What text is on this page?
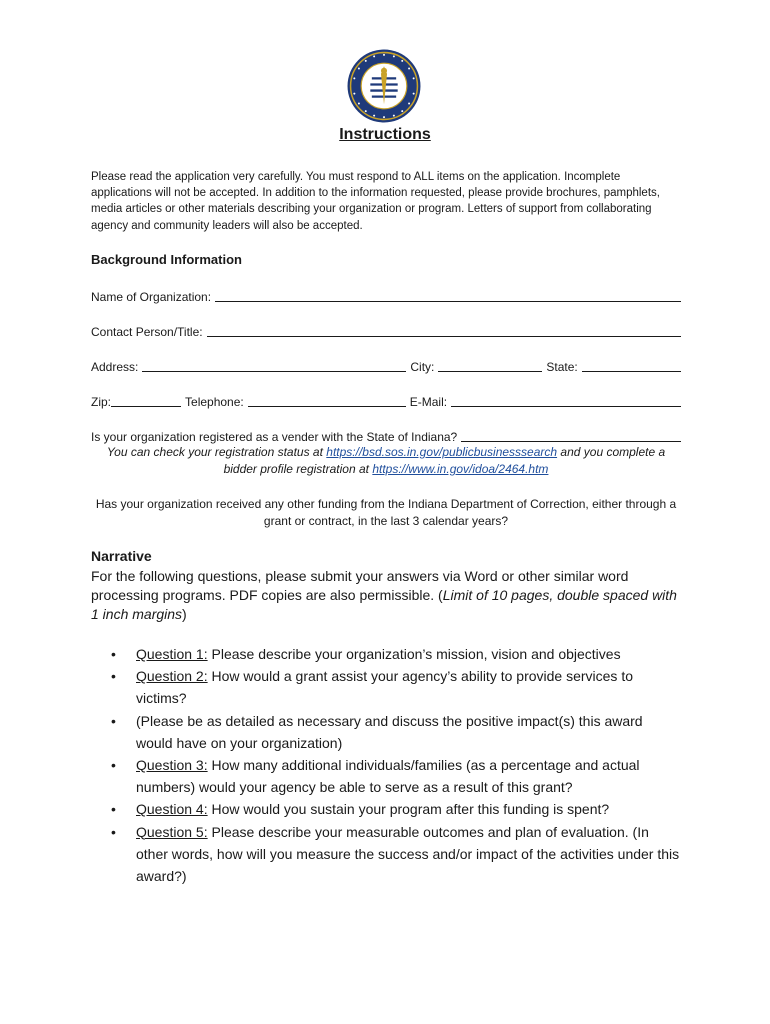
Instructions
Please read the application very carefully. You must respond to ALL items on the application. Incomplete applications will not be accepted. In addition to the information requested, please provide brochures, pamphlets, media articles or other materials describing your organization or program. Letters of support from collaborating agency and community leaders will also be accepted.
Background Information
Name of Organization:
Contact Person/Title:
Address:	City:	State:
Zip:	Telephone:	E-Mail:
Is your organization registered as a vender with the State of Indiana?
You can check your registration status at https://bsd.sos.in.gov/publicbusinesssearch and you complete a bidder profile registration at https://www.in.gov/idoa/2464.htm
Has your organization received any other funding from the Indiana Department of Correction, either through a grant or contract, in the last 3 calendar years?
Narrative
For the following questions, please submit your answers via Word or other similar word processing programs. PDF copies are also permissible. (Limit of 10 pages, double spaced with 1 inch margins)
• Question 1: Please describe your organization’s mission, vision and objectives
• Question 2: How would a grant assist your agency’s ability to provide services to victims?
• (Please be as detailed as necessary and discuss the positive impact(s) this award would have on your organization)
• Question 3: How many additional individuals/families (as a percentage and actual numbers) would your agency be able to serve as a result of this grant?
• Question 4: How would you sustain your program after this funding is spent?
• Question 5: Please describe your measurable outcomes and plan of evaluation. (In other words, how will you measure the success and/or impact of the activities under this award?)
